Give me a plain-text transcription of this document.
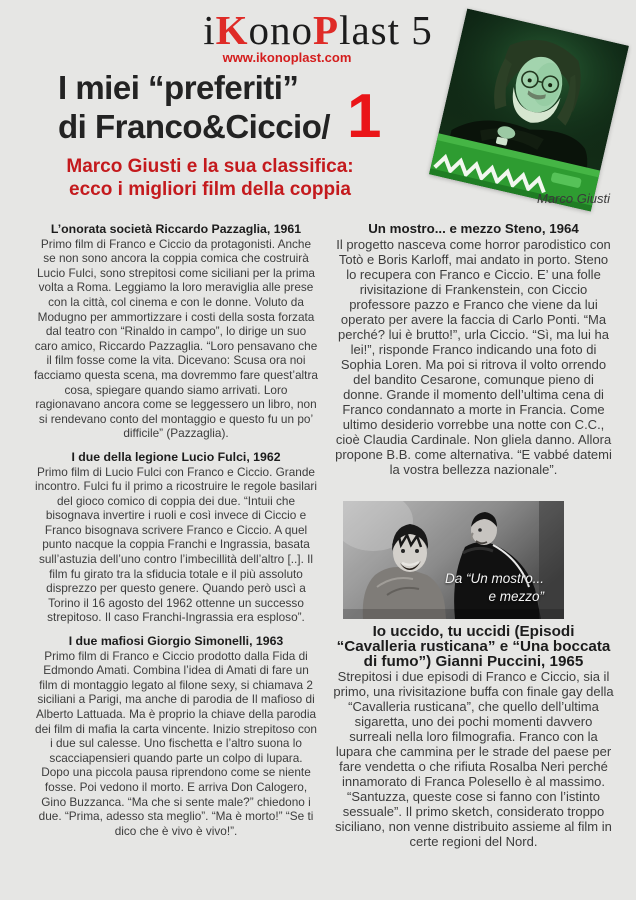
iKonoPlast 5
www.ikonoplast.com
I miei “preferiti”
di Franco&Ciccio/ 1
Marco Giusti e la sua classifica:
ecco i migliori film della coppia	Marco Giusti
L’onorata società Riccardo Pazzaglia, 1961

Primo film di Franco e Ciccio da protagonisti. Anche se non sono ancora la coppia comica che costruirà Lucio Fulci, sono strepitosi come siciliani per la prima volta a Roma. Leggiamo la loro meraviglia alle prese con la città, col cinema e con le donne. Voluto da Modugno per ammortizzare i costi della sosta forzata dal teatro con “Rinaldo in campo”, lo dirige un suo caro amico, Riccardo Pazzaglia. “Loro pensavano che il film fosse come la vita. Dicevano: Scusa ora noi facciamo questa scena, ma dovremmo fare quest’altra cosa, spiegare quando siamo arrivati. Loro ragionavano ancora come se leggessero un libro, non si rendevano conto del montaggio e questo fu un po’ difficile” (Pazzaglia).

I due della legione Lucio Fulci, 1962

Primo film di Lucio Fulci con Franco e Ciccio. Grande incontro. Fulci fu il primo a ricostruire le regole basilari del gioco comico di coppia dei due. “Intuii che bisognava invertire i ruoli e così invece di Ciccio e Franco bisognava scrivere Franco e Ciccio. A quel punto nacque la coppia Franchi e Ingrassia, basata sull’astuzia dell’uno contro l’imbecillità dell’altro [..]. Il film fu girato tra la sfiducia totale e il più assoluto disprezzo per questo genere. Quando però uscì a Torino il 16 agosto del 1962 ottenne un successo strepitoso. Il caso Franchi-Ingrassia era esploso”.

I due mafiosi Giorgio Simonelli, 1963

Primo film di Franco e Ciccio prodotto dalla Fida di Edmondo Amati. Combina l’idea di Amati di fare un film di montaggio legato al filone sexy, si chiamava 2 siciliani a Parigi, ma anche di parodia de Il mafioso di Alberto Lattuada. Ma è proprio la chiave della parodia dei film di mafia la carta vincente. Inizio strepitoso con i due sul calesse. Uno fischetta e l’altro suona lo scacciapensieri quando parte un colpo di lupara. Dopo una piccola pausa riprendono come se niente fosse. Poi vedono il morto. E arriva Don Calogero, Gino Buzzanca. “Ma che si sente male?” chiedono i due. “Prima, adesso sta meglio”. “Ma è morto!” “Se ti dico che è vivo è vivo!”.

Un mostro... e mezzo Steno, 1964

Il progetto nasceva come horror parodistico con Totò e Boris Karloff, mai andato in porto. Steno lo recupera con Franco e Ciccio. E’ una folle rivisitazione di Frankenstein, con Ciccio professore pazzo e Franco che viene da lui operato per avere la faccia di Carlo Ponti. “Ma perché? lui è brutto!”, urla Ciccio. “Sì, ma lui ha lei!”, risponde Franco indicando una foto di Sophia Loren. Ma poi si ritrova il volto orrendo del bandito Cesarone, comunque pieno di donne. Grande il momento dell’ultima cena di Franco condannato a morte in Francia. Come ultimo desiderio vorrebbe una notte con C.C., cioè Claudia Cardinale. Non gliela danno. Allora propone B.B. come alternativa. “E vabbé datemi la vostra bellezza nazionale”.

Da “Un mostro...
e mezzo”
Io uccido, tu uccidi (Episodi “Cavalleria rusticana” e “Una boccata di fumo”) Gianni Puccini, 1965

Strepitosi i due episodi di Franco e Ciccio, sia il primo, una rivisitazione buffa con finale gay della “Cavalleria rusticana”, che quello dell’ultima sigaretta, uno dei pochi momenti davvero surreali nella loro filmografia. Franco con la lupara che cammina per le strade del paese per fare vendetta o che rifiuta Rosalba Neri perché innamorato di Franca Polesello è al massimo. “Santuzza, queste cose si fanno con l’istinto sessuale”. Il primo sketch, considerato troppo siciliano, non venne distribuito assieme al film in certe regioni del Nord.
